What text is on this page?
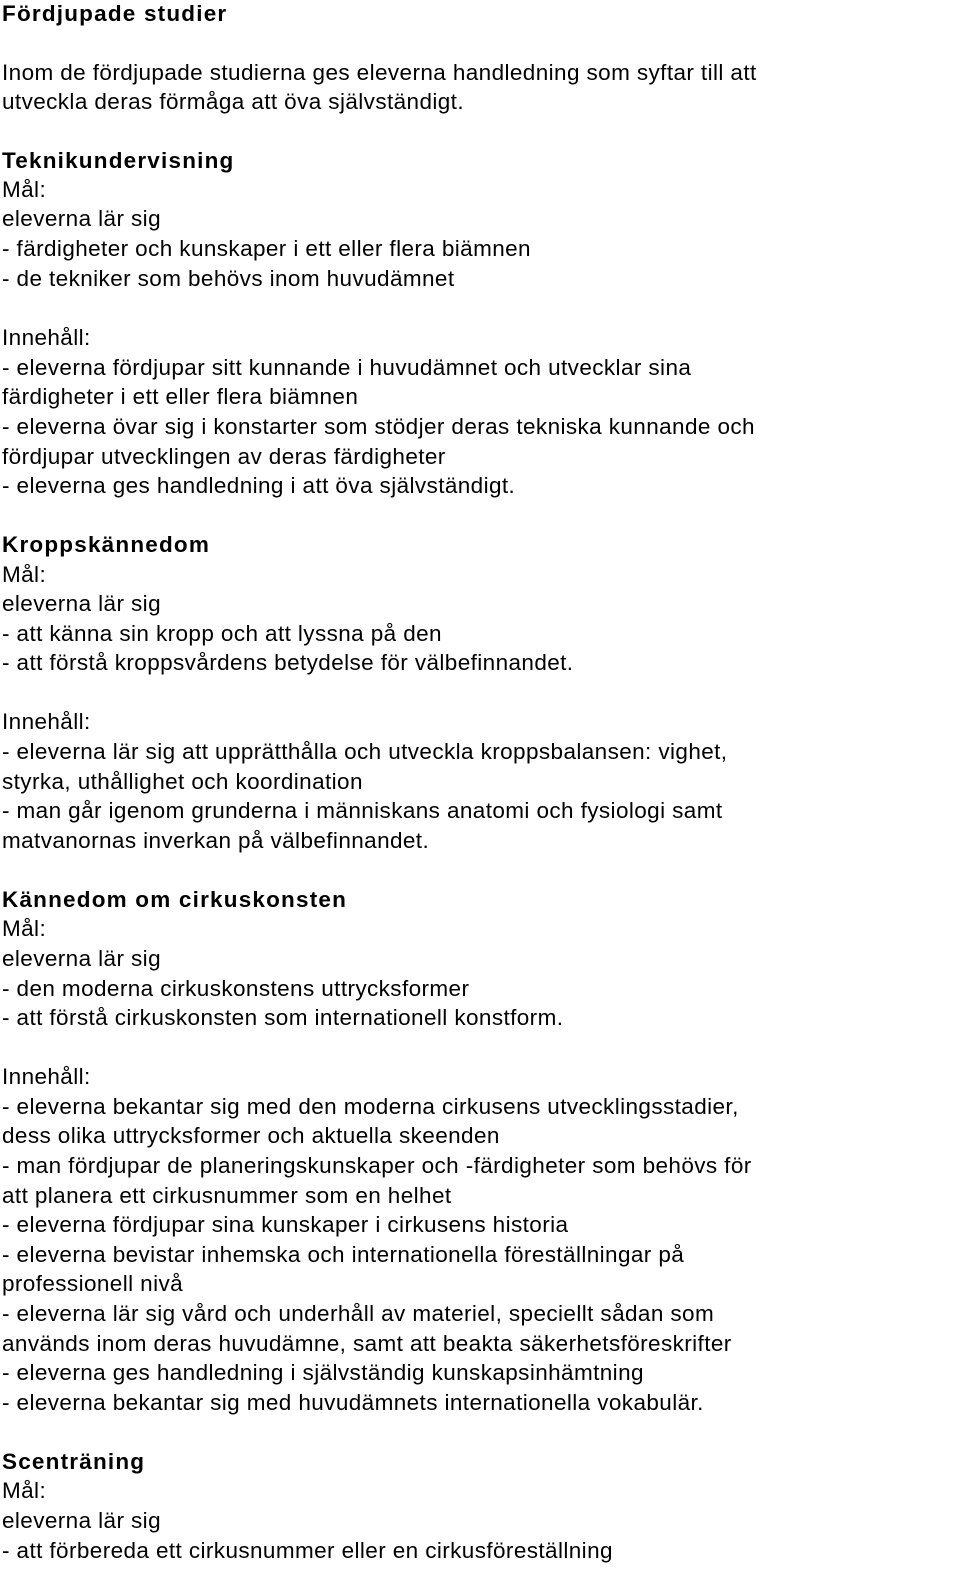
Fördjupade studier
Inom de fördjupade studierna ges eleverna handledning som syftar till att
utveckla deras förmåga att öva självständigt.
Teknikundervisning
Mål:
eleverna lär sig
- färdigheter och kunskaper i ett eller flera biämnen
- de tekniker som behövs inom huvudämnet
Innehåll:
- eleverna fördjupar sitt kunnande i huvudämnet och utvecklar sina
färdigheter i ett eller flera biämnen
- eleverna övar sig i konstarter som stödjer deras tekniska kunnande och
fördjupar utvecklingen av deras färdigheter
- eleverna ges handledning i att öva självständigt.
Kroppskännedom
Mål:
eleverna lär sig
- att känna sin kropp och att lyssna på den
- att förstå kroppsvårdens betydelse för välbefinnandet.
Innehåll:
- eleverna lär sig att upprätthålla och utveckla kroppsbalansen: vighet,
styrka, uthållighet och koordination
- man går igenom grunderna i människans anatomi och fysiologi samt
matvanornas inverkan på välbefinnandet.
Kännedom om cirkuskonsten
Mål:
eleverna lär sig
- den moderna cirkuskonstens uttrycksformer
- att förstå cirkuskonsten som internationell konstform.
Innehåll:
- eleverna bekantar sig med den moderna cirkusens utvecklingsstadier,
dess olika uttrycksformer och aktuella skeenden
- man fördjupar de planeringskunskaper och -färdigheter som behövs för
att planera ett cirkusnummer som en helhet
- eleverna fördjupar sina kunskaper i cirkusens historia
- eleverna bevistar inhemska och internationella föreställningar på
professionell nivå
- eleverna lär sig vård och underhåll av materiel, speciellt sådan som
används inom deras huvudämne, samt att beakta säkerhetsföreskrifter
- eleverna ges handledning i självständig kunskapsinhämtning
- eleverna bekantar sig med huvudämnets internationella vokabulär.
Scenträning
Mål:
eleverna lär sig
- att förbereda ett cirkusnummer eller en cirkusföreställning
